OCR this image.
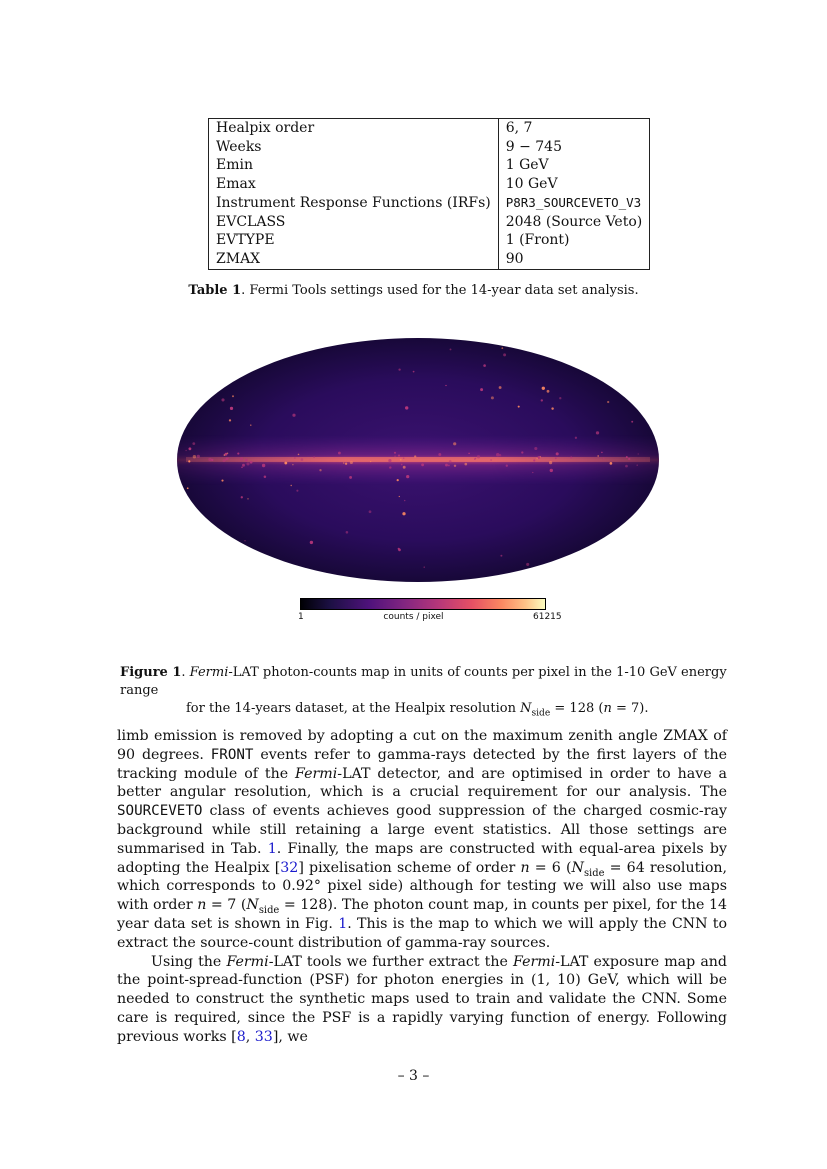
Healpix order	6, 7
Weeks	9 − 745
Emin	1 GeV
Emax	10 GeV
Instrument Response Functions (IRFs)	P8R3_SOURCEVETO_V3
EVCLASS	2048 (Source Veto)
EVTYPE	1 (Front)
ZMAX	90
Table 1. Fermi Tools settings used for the 14-year data set analysis.
1	counts / pixel	61215
Figure 1. Fermi-LAT photon-counts map in units of counts per pixel in the 1-10 GeV energy range
for the 14-years dataset, at the Healpix resolution $N_{side} = 128$ (n = 7).

limb emission is removed by adopting a cut on the maximum zenith angle ZMAX of 90 degrees. FRONT events refer to gamma-rays detected by the first layers of the tracking module of the Fermi-LAT detector, and are optimised in order to have a better angular resolution, which is a crucial requirement for our analysis. The SOURCEVETO class of events achieves good suppression of the charged cosmic-ray background while still retaining a large event statistics. All those settings are summarised in Tab. 1. Finally, the maps are constructed with equal-area pixels by adopting the Healpix [32] pixelisation scheme of order n = 6 ($N_{side} = 64$ resolution, which corresponds to 0.92° pixel side) although for testing we will also use maps with order n = 7 $(N_{side} = 128)$. The photon count map, in counts per pixel, for the 14 year data set is shown in Fig. 1. This is the map to which we will apply the CNN to extract the source-count distribution of gamma-ray sources.

Using the Fermi-LAT tools we further extract the Fermi-LAT exposure map and the point-spread-function (PSF) for photon energies in (1, 10) GeV, which will be needed to construct the synthetic maps used to train and validate the CNN. Some care is required, since the PSF is a rapidly varying function of energy. Following previous works [8, 33], we

– 3 –
